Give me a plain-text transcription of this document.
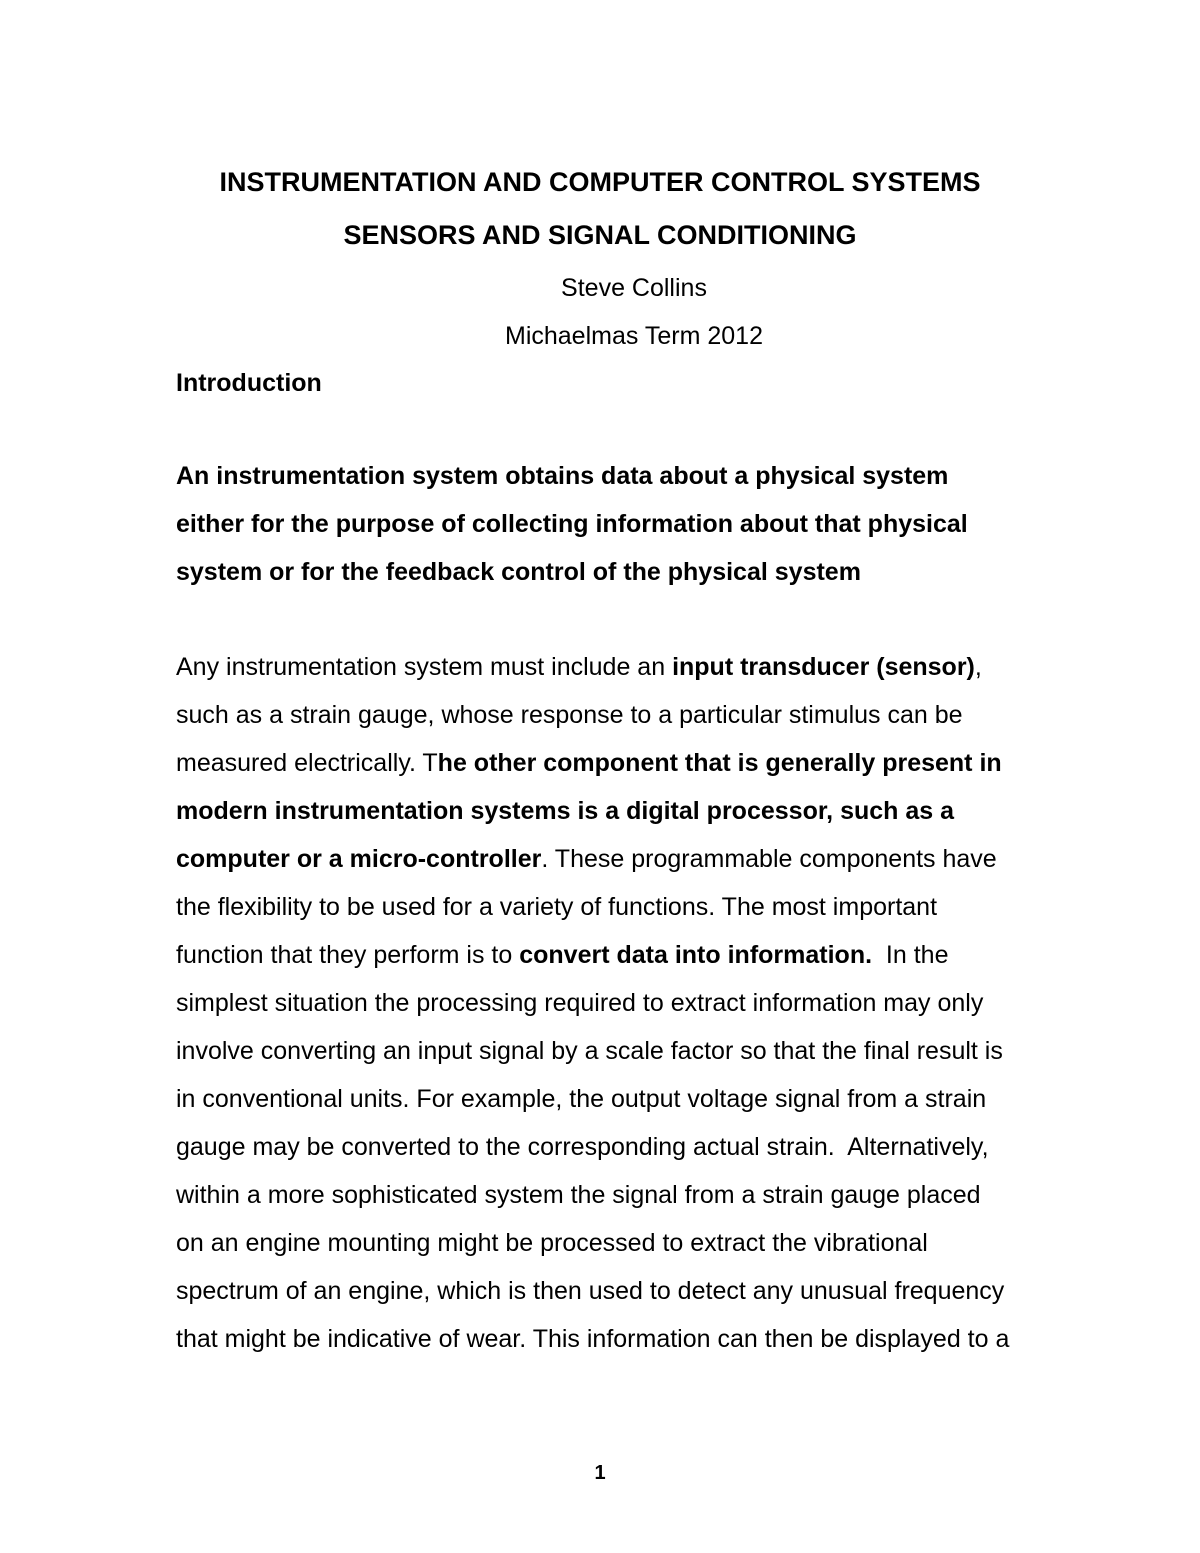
INSTRUMENTATION AND COMPUTER CONTROL SYSTEMS
SENSORS AND SIGNAL CONDITIONING
Steve Collins
Michaelmas Term 2012
Introduction
An instrumentation system obtains data about a physical system
either for the purpose of collecting information about that physical
system or for the feedback control of the physical system
Any instrumentation system must include an input transducer (sensor),
such as a strain gauge, whose response to a particular stimulus can be
measured electrically. The other component that is generally present in
modern instrumentation systems is a digital processor, such as a
computer or a micro-controller. These programmable components have
the flexibility to be used for a variety of functions. The most important
function that they perform is to convert data into information.  In the
simplest situation the processing required to extract information may only
involve converting an input signal by a scale factor so that the final result is
in conventional units. For example, the output voltage signal from a strain
gauge may be converted to the corresponding actual strain.  Alternatively,
within a more sophisticated system the signal from a strain gauge placed
on an engine mounting might be processed to extract the vibrational
spectrum of an engine, which is then used to detect any unusual frequency
that might be indicative of wear. This information can then be displayed to a
1
